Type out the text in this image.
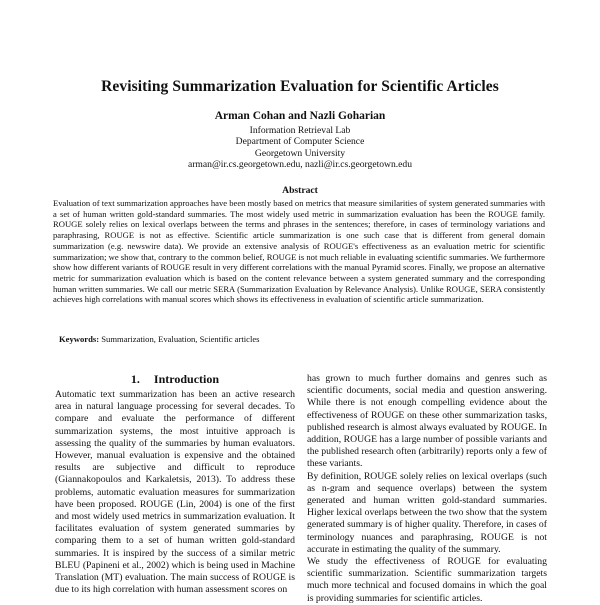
Revisiting Summarization Evaluation for Scientific Articles
Arman Cohan and Nazli Goharian
Information Retrieval Lab
Department of Computer Science
Georgetown University
arman@ir.cs.georgetown.edu, nazli@ir.cs.georgetown.edu
Abstract

Evaluation of text summarization approaches have been mostly based on metrics that measure similarities of system generated summaries with a set of human written gold-standard summaries. The most widely used metric in summarization evaluation has been the ROUGE family. ROUGE solely relies on lexical overlaps between the terms and phrases in the sentences; therefore, in cases of terminology variations and paraphrasing, ROUGE is not as effective. Scientific article summarization is one such case that is different from general domain summarization (e.g. newswire data). We provide an extensive analysis of ROUGE's effectiveness as an evaluation metric for scientific summarization; we show that, contrary to the common belief, ROUGE is not much reliable in evaluating scientific summaries. We furthermore show how different variants of ROUGE result in very different correlations with the manual Pyramid scores. Finally, we propose an alternative metric for summarization evaluation which is based on the content relevance between a system generated summary and the corresponding human written summaries. We call our metric SERA (Summarization Evaluation by Relevance Analysis). Unlike ROUGE, SERA consistently achieves high correlations with manual scores which shows its effectiveness in evaluation of scientific article summarization.

Keywords: Summarization, Evaluation, Scientific articles

1. Introduction

Automatic text summarization has been an active research area in natural language processing for several decades. To compare and evaluate the performance of different summarization systems, the most intuitive approach is assessing the quality of the summaries by human evaluators. However, manual evaluation is expensive and the obtained results are subjective and difficult to reproduce (Giannakopoulos and Karkaletsis, 2013). To address these problems, automatic evaluation measures for summarization have been proposed. ROUGE (Lin, 2004) is one of the first and most widely used metrics in summarization evaluation. It facilitates evaluation of system generated summaries by comparing them to a set of human written gold-standard summaries. It is inspired by the success of a similar metric BLEU (Papineni et al., 2002) which is being used in Machine Translation (MT) evaluation. The main success of ROUGE is due to its high correlation with human assessment scores on

has grown to much further domains and genres such as scientific documents, social media and question answering. While there is not enough compelling evidence about the effectiveness of ROUGE on these other summarization tasks, published research is almost always evaluated by ROUGE. In addition, ROUGE has a large number of possible variants and the published research often (arbitrarily) reports only a few of these variants.

By definition, ROUGE solely relies on lexical overlaps (such as n-gram and sequence overlaps) between the system generated and human written gold-standard summaries. Higher lexical overlaps between the two show that the system generated summary is of higher quality. Therefore, in cases of terminology nuances and paraphrasing, ROUGE is not accurate in estimating the quality of the summary.

We study the effectiveness of ROUGE for evaluating scientific summarization. Scientific summarization targets much more technical and focused domains in which the goal is providing summaries for scientific articles.
